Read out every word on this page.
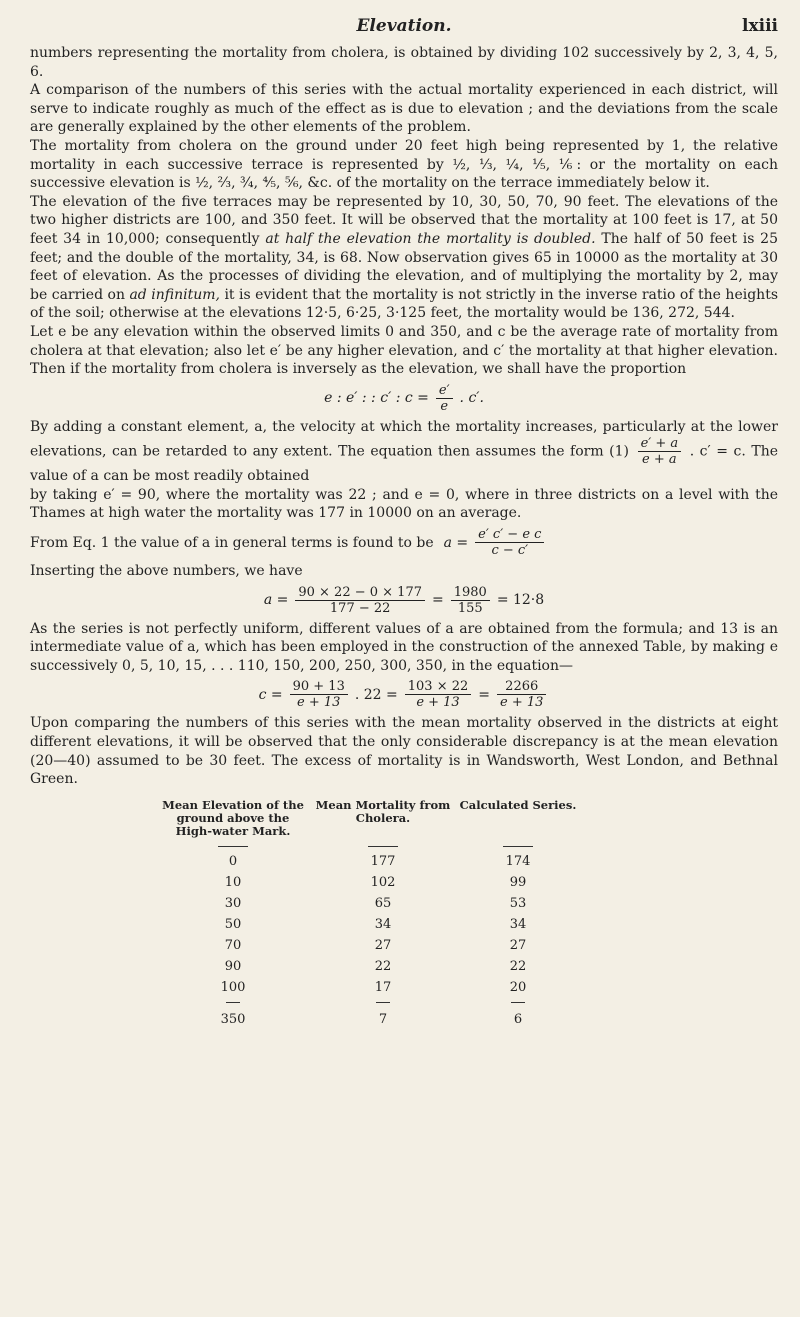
Elevation.	lxiii

numbers representing the mortality from cholera, is obtained by dividing 102 successively by 2, 3, 4, 5, 6.

A comparison of the numbers of this series with the actual mortality experienced in each district, will serve to indicate roughly as much of the effect as is due to elevation ; and the deviations from the scale are generally explained by the other elements of the problem.

The mortality from cholera on the ground under 20 feet high being represented by 1, the relative mortality in each successive terrace is represented by ½, ⅓, ¼, ⅕, ⅙: or the mortality on each successive elevation is ½, ⅔, ¾, ⅘, ⅚, &c. of the mortality on the terrace immediately below it.

The elevation of the five terraces may be represented by 10, 30, 50, 70, 90 feet. The elevations of the two higher districts are 100, and 350 feet. It will be observed that the mortality at 100 feet is 17, at 50 feet 34 in 10,000; consequently at half the elevation the mortality is doubled. The half of 50 feet is 25 feet; and the double of the mortality, 34, is 68. Now observation gives 65 in 10000 as the mortality at 30 feet of elevation. As the processes of dividing the elevation, and of multiplying the mortality by 2, may be carried on ad infinitum, it is evident that the mortality is not strictly in the inverse ratio of the heights of the soil; otherwise at the elevations 12·5, 6·25, 3·125 feet, the mortality would be 136, 272, 544.

Let e be any elevation within the observed limits 0 and 350, and c be the average rate of mortality from cholera at that elevation; also let e′ be any higher elevation, and c′ the mortality at that higher elevation. Then if the mortality from cholera is inversely as the elevation, we shall have the proportion

e : e′ : : c′ : $c = \frac{e'}{e}$ . c′.

By adding a constant element, a, the velocity at which the mortality increases, particularly at the lower elevations, can be retarded to any extent. The equation then assumes the form $(1) \frac{e' + a}{e + a}$ . c′ = c. The value of a can be most readily obtained

by taking e′ = 90, where the mortality was 22 ; and e = 0, where in three districts on a level with the Thames at high water the mortality was 177 in 10000 on an average.

From Eq. 1 the value of a in general terms is found to be $a = \frac{\text{e′ c′ − e c}}{c - c'}$

Inserting the above numbers, we have

$a = \frac{90 \times 22 - 0 \times 177}{177 - 22} = \frac{1980}{155} = 12\cdot 8$

As the series is not perfectly uniform, different values of a are obtained from the formula; and 13 is an intermediate value of a, which has been employed in the construction of the annexed Table, by making e successively 0, 5, 10, 15, . . . 110, 150, 200, 250, 300, 350, in the equation—

$c = \frac{90 + 13}{e + 13}$ . $22 = \frac{103 \times 22}{e + 13} = \frac{2266}{e + 13}$

Upon comparing the numbers of this series with the mean mortality observed in the districts at eight different elevations, it will be observed that the only considerable discrepancy is at the mean elevation (20—40) assumed to be 30 feet. The excess of mortality is in Wandsworth, West London, and Bethnal Green.

Mean Elevation of the ground above the High-water Mark.
Mean Mortality from Cholera.
Calculated Series.
0	177	174
10	102	99
30	65	53
50	34	34
70	27	27
90	22	22
100	17	20
350	7	6
